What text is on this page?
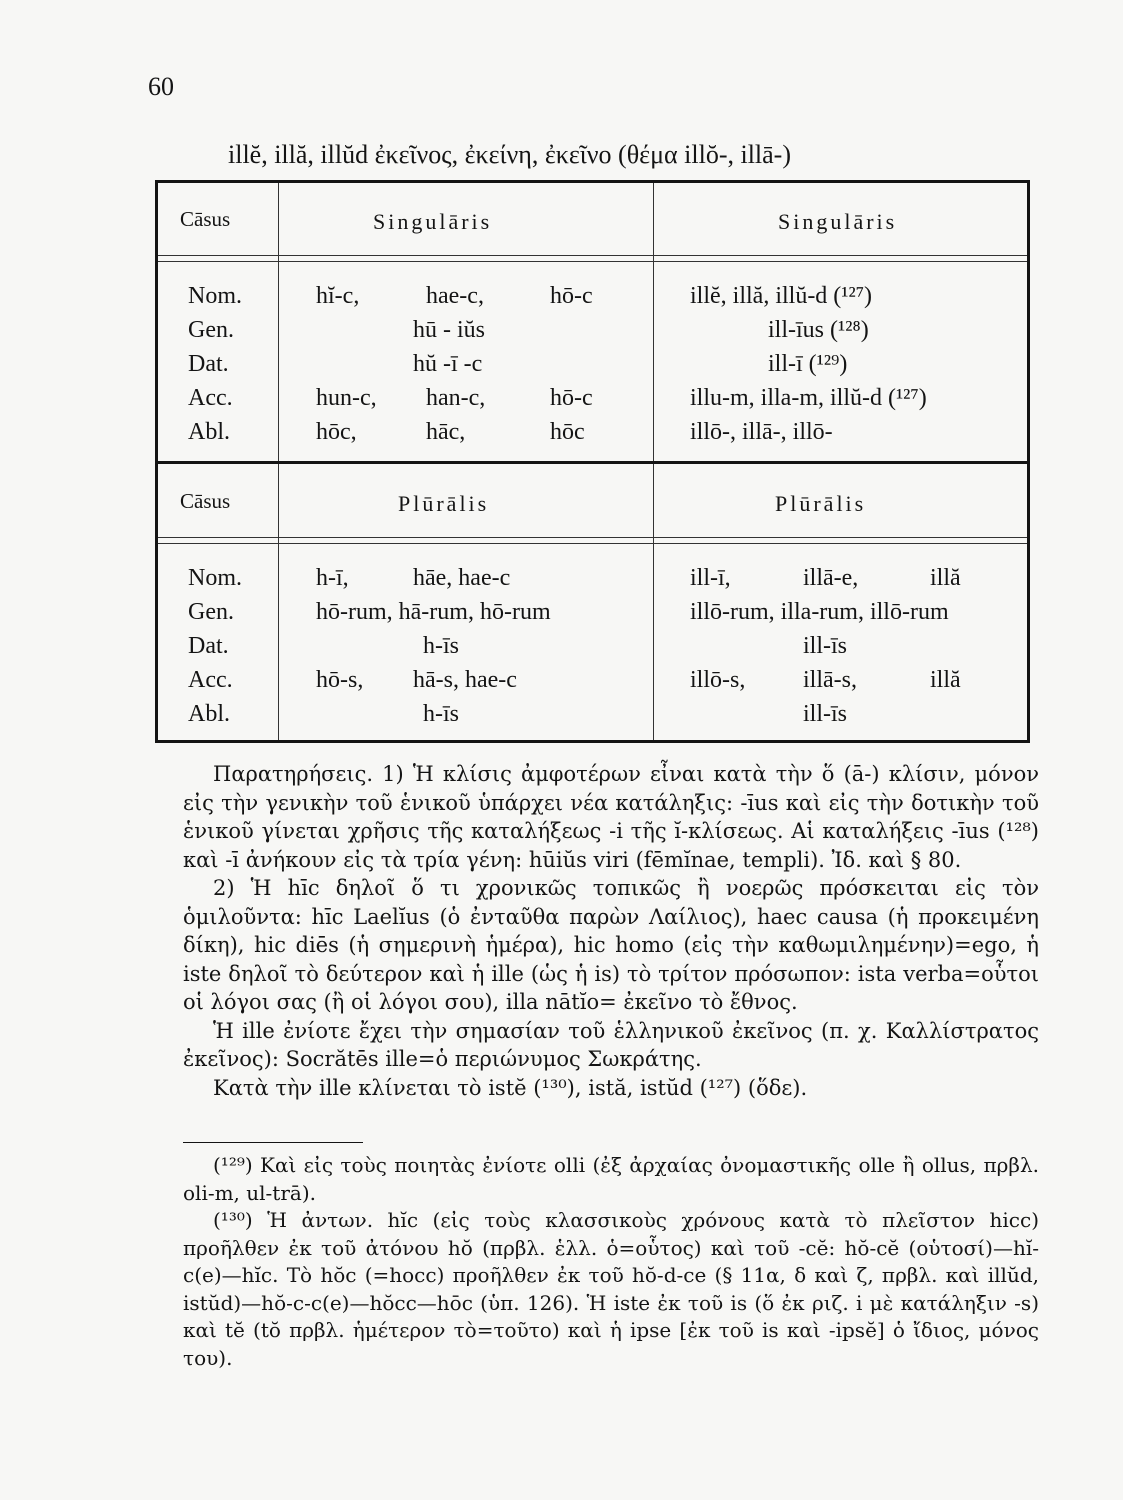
60
illĕ, illă, illŭd ἐκεῖνος, ἐκείνη, ἐκεῖνο (θέμα illŏ-, illā-)
Cāsus	Singulāris	Singulāris
Nom.	hĭ-c,	hae-c,	hō-c	illĕ, illă, illŭ-d (¹²⁷)
Gen.	hū - iŭs	ill-īus (¹²⁸)
Dat.	hŭ -ī -c	ill-ī (¹²⁹)
Acc.	hun-c, han-c,	hō-c	illu-m, illa-m, illŭ-d (¹²⁷)
Abl.	hōc,	hāc,	hōc	illō-, illā-, illō-
Cāsus	Plūrālis	Plūrālis
Nom.	h-ī,	hāe, hae-c	ill-ī,	illā-e,	illă
Gen.	hō-rum, hā-rum, hō-rum	illō-rum, illa-rum, illō-rum
Dat.	h-īs	ill-īs
Acc.	hō-s, hā-s, hae-c	illō-s, illā-s,	illă
Abl.	h-īs	ill-īs

Παρατηρήσεις. 1) Ἡ κλίσις ἀμφοτέρων εἶναι κατὰ τὴν ὅ (ā-) κλίσιν, μόνον εἰς τὴν γενικὴν τοῦ ἑνικοῦ ὑπάρχει νέα κατάληξις: -īus καὶ εἰς τὴν δοτικὴν τοῦ ἑνικοῦ γίνεται χρῆσις τῆς καταλήξεως -i τῆς ĭ-κλίσεως. Αἱ καταλήξεις -īus (¹²⁸) καὶ -ī ἀνήκουν εἰς τὰ τρία γένη: hūiŭs viri (fēmĭnae, templi). Ἰδ. καὶ § 80.

2) Ἡ hīc δηλοῖ ὅ τι χρονικῶς τοπικῶς ἢ νοερῶς πρόσκειται εἰς τὸν ὁμιλοῦντα: hīc Laelĭus (ὁ ἐνταῦθα παρὼν Λαίλιος), haec causa (ἡ προκειμένη δίκη), hic diēs (ἡ σημερινὴ ἡμέρα), hic homo (εἰς τὴν καθωμιλημένην)=ego, ἡ iste δηλοῖ τὸ δεύτερον καὶ ἡ ille (ὡς ἡ is) τὸ τρίτον πρόσωπον: ista verba=οὗτοι οἱ λόγοι σας (ἢ οἱ λόγοι σου), illa nātĭo= ἐκεῖνο τὸ ἔθνος.

Ἡ ille ἐνίοτε ἔχει τὴν σημασίαν τοῦ ἑλληνικοῦ ἐκεῖνος (π. χ. Καλλίστρατος ἐκεῖνος): Socrătēs ille=ὁ περιώνυμος Σωκράτης.

Κατὰ τὴν ille κλίνεται τὸ istĕ (¹³⁰), istă, istŭd (¹²⁷) (ὅδε).

(¹²⁹) Καὶ εἰς τοὺς ποιητὰς ἐνίοτε olli (ἐξ ἀρχαίας ὀνομαστικῆς olle ἢ ollus, πρβλ. oli-m, ul-trā).

(¹³⁰) Ἡ ἀντων. hĭc (εἰς τοὺς κλασσικοὺς χρόνους κατὰ τὸ πλεῖστον hicc) προῆλθεν ἐκ τοῦ ἀτόνου hŏ (πρβλ. ἑλλ. ὁ=οὗτος) καὶ τοῦ -cĕ: hŏ-cĕ (οὑτοσί)—hĭ-c(e)—hĭc. Τὸ hŏc (=hocc) προῆλθεν ἐκ τοῦ hŏ-d-ce (§ 11α, δ καὶ ζ, πρβλ. καὶ illŭd, istŭd)—hŏ-c-c(e)—hŏcc—hōc (ὑπ. 126). Ἡ iste ἐκ τοῦ is (ὅ ἐκ ριζ. i μὲ κατάληξιν -s) καὶ tĕ (tŏ πρβλ. ἡμέτερον τὸ=τοῦτο) καὶ ἡ ipse [ἐκ τοῦ is καὶ -ipsĕ] ὁ ἴδιος, μόνος του).
